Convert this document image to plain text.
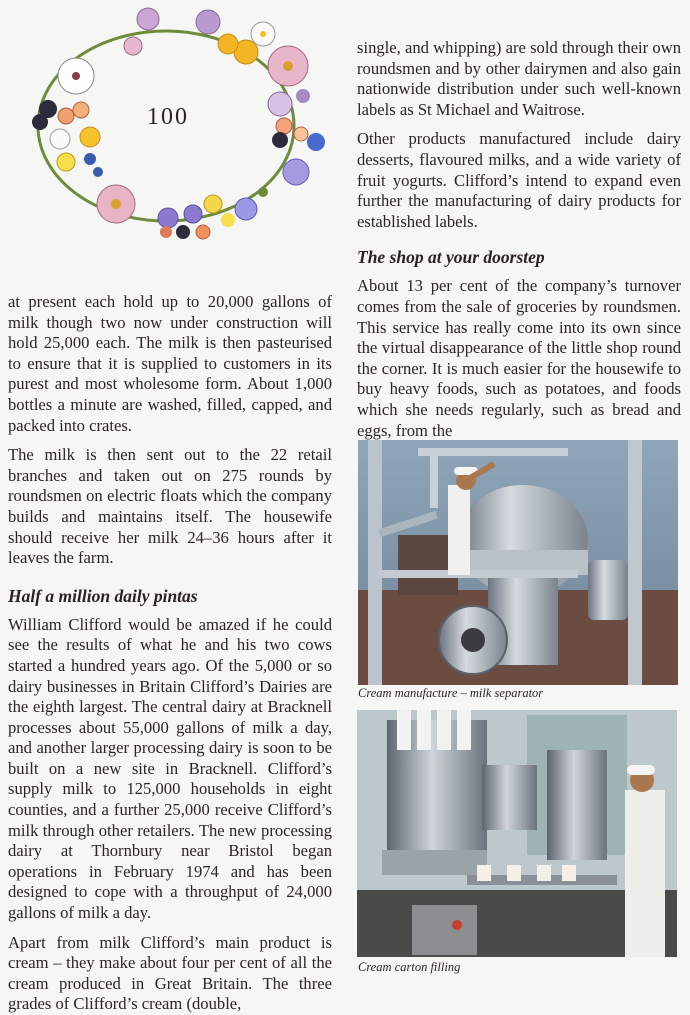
100

at present each hold up to 20,000 gallons of milk though two now under construction will hold 25,000 each. The milk is then pasteurised to ensure that it is supplied to customers in its purest and most wholesome form. About 1,000 bottles a minute are washed, filled, capped, and packed into crates.

The milk is then sent out to the 22 retail branches and taken out on 275 rounds by roundsmen on electric floats which the company builds and maintains itself. The housewife should receive her milk 24–36 hours after it leaves the farm.

Half a million daily pintas

William Clifford would be amazed if he could see the results of what he and his two cows started a hundred years ago. Of the 5,000 or so dairy businesses in Britain Clifford’s Dairies are the eighth largest. The central dairy at Bracknell processes about 55,000 gallons of milk a day, and another larger processing dairy is soon to be built on a new site in Bracknell. Clifford’s supply milk to 125,000 households in eight counties, and a further 25,000 receive Clifford’s milk through other retailers. The new processing dairy at Thornbury near Bristol began operations in February 1974 and has been designed to cope with a throughput of 24,000 gallons of milk a day.

Apart from milk Clifford’s main product is cream – they make about four per cent of all the cream produced in Great Britain. The three grades of Clifford’s cream (double,

single, and whipping) are sold through their own roundsmen and by other dairymen and also gain nationwide distribution under such well-known labels as St Michael and Waitrose.

Other products manufactured include dairy desserts, flavoured milks, and a wide variety of fruit yogurts. Clifford’s intend to expand even further the manufacturing of dairy products for established labels.

The shop at your doorstep

About 13 per cent of the company’s turnover comes from the sale of groceries by roundsmen. This service has really come into its own since the virtual disappearance of the little shop round the corner. It is much easier for the housewife to buy heavy foods, such as potatoes, and foods which she needs regularly, such as bread and eggs, from the

Cream manufacture – milk separator
Cream carton filling
